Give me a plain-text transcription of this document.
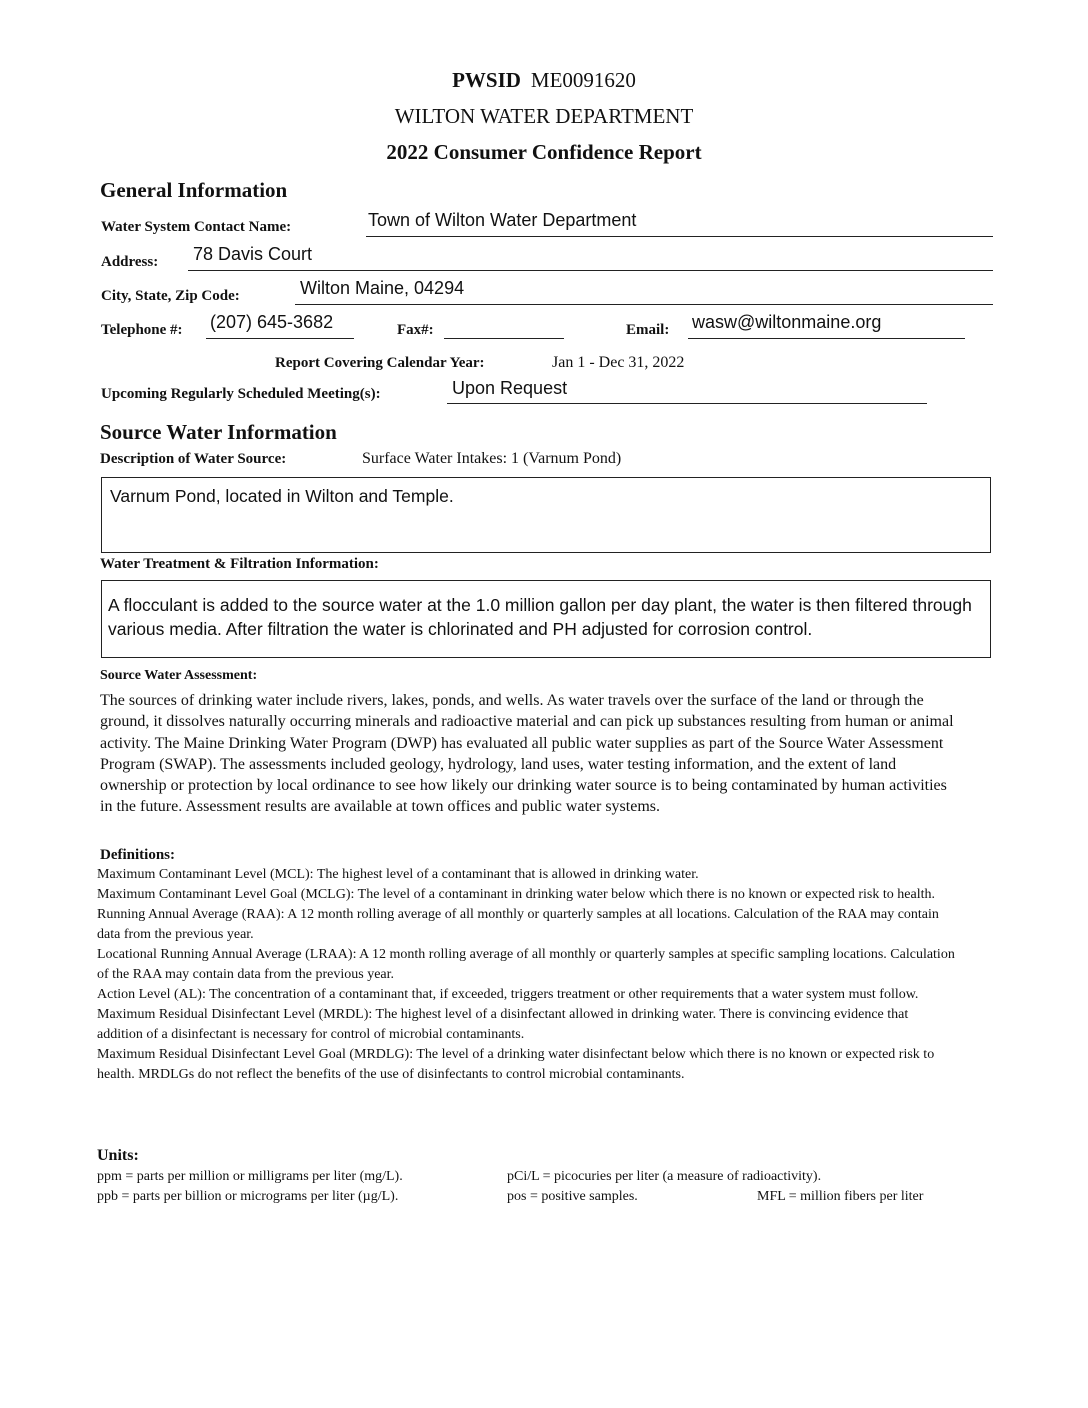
PWSID ME0091620
WILTON WATER DEPARTMENT
2022 Consumer Confidence Report
General Information
Water System Contact Name:	Town of Wilton Water Department
Address: 78 Davis Court
City, State, Zip Code:	Wilton Maine, 04294
Telephone #: (207) 645-3682	Fax#:	Email: wasw@wiltonmaine.org
Report Covering Calendar Year:	Jan 1 - Dec 31, 2022
Upcoming Regularly Scheduled Meeting(s):	Upon Request
Source Water Information
Description of Water Source:	Surface Water Intakes: 1 (Varnum Pond)
Varnum Pond, located in Wilton and Temple.
Water Treatment & Filtration Information:
A flocculant is added to the source water at the 1.0 million gallon per day plant, the water is then filtered through various media. After filtration the water is chlorinated and PH adjusted for corrosion control.
Source Water Assessment:
The sources of drinking water include rivers, lakes, ponds, and wells. As water travels over the surface of the land or through the ground, it dissolves naturally occurring minerals and radioactive material and can pick up substances resulting from human or animal activity. The Maine Drinking Water Program (DWP) has evaluated all public water supplies as part of the Source Water Assessment Program (SWAP). The assessments included geology, hydrology, land uses, water testing information, and the extent of land ownership or protection by local ordinance to see how likely our drinking water source is to being contaminated by human activities in the future. Assessment results are available at town offices and public water systems.
Definitions:
Maximum Contaminant Level (MCL): The highest level of a contaminant that is allowed in drinking water.
Maximum Contaminant Level Goal (MCLG): The level of a contaminant in drinking water below which there is no known or expected risk to health.
Running Annual Average (RAA): A 12 month rolling average of all monthly or quarterly samples at all locations. Calculation of the RAA may contain data from the previous year.
Locational Running Annual Average (LRAA): A 12 month rolling average of all monthly or quarterly samples at specific sampling locations. Calculation of the RAA may contain data from the previous year.
Action Level (AL): The concentration of a contaminant that, if exceeded, triggers treatment or other requirements that a water system must follow.
Maximum Residual Disinfectant Level (MRDL): The highest level of a disinfectant allowed in drinking water. There is convincing evidence that addition of a disinfectant is necessary for control of microbial contaminants.
Maximum Residual Disinfectant Level Goal (MRDLG): The level of a drinking water disinfectant below which there is no known or expected risk to health. MRDLGs do not reflect the benefits of the use of disinfectants to control microbial contaminants.
Units:
ppm = parts per million or milligrams per liter (mg/L).	pCi/L = picocuries per liter (a measure of radioactivity).
ppb = parts per billion or micrograms per liter (µg/L).	pos = positive samples.	MFL = million fibers per liter
